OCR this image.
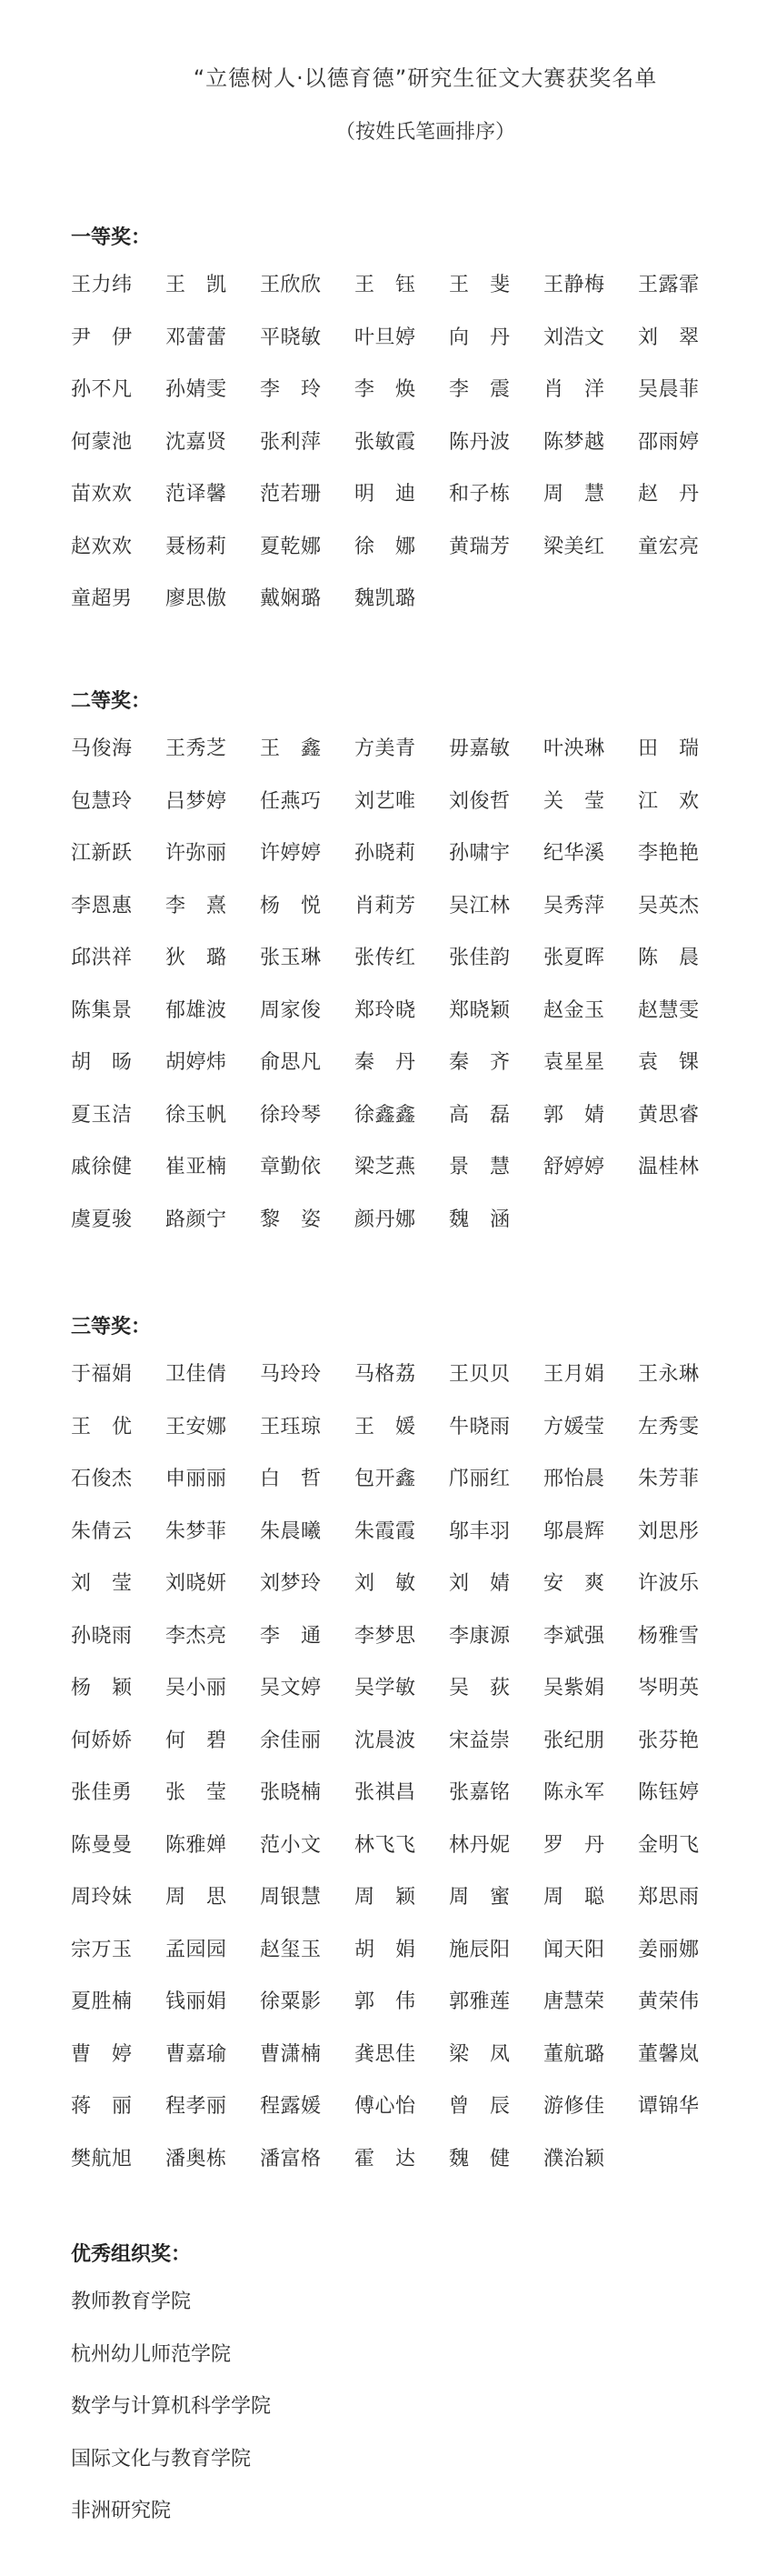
“立德树人·以德育德”研究生征文大赛获奖名单
（按姓氏笔画排序）
一等奖：
王力纬	王　凯	王欣欣	王　钰	王　斐	王静梅	王露霏
尹　伊	邓蕾蕾	平晓敏	叶旦婷	向　丹	刘浩文	刘　翠
孙不凡	孙婧雯	李　玲	李　焕	李　震	肖　洋	吴晨菲
何蒙池	沈嘉贤	张利萍	张敏霞	陈丹波	陈梦越	邵雨婷
苗欢欢	范译馨	范若珊	明　迪	和子栋	周　慧	赵　丹
赵欢欢	聂杨莉	夏乾娜	徐　娜	黄瑞芳	梁美红	童宏亮
童超男	廖思傲	戴娴璐	魏凯璐
二等奖：
马俊海	王秀芝	王　鑫	方美青	毋嘉敏	叶泱琳	田　瑞
包慧玲	吕梦婷	任燕巧	刘艺唯	刘俊哲	关　莹	江　欢
江新跃	许弥丽	许婷婷	孙晓莉	孙啸宇	纪华溪	李艳艳
李恩惠	李　熹	杨　悦	肖莉芳	吴江林	吴秀萍	吴英杰
邱洪祥	狄　璐	张玉琳	张传红	张佳韵	张夏晖	陈　晨
陈集景	郁雄波	周家俊	郑玲晓	郑晓颖	赵金玉	赵慧雯
胡　旸	胡婷炜	俞思凡	秦　丹	秦　齐	袁星星	袁　锞
夏玉洁	徐玉帆	徐玲琴	徐鑫鑫	高　磊	郭　婧	黄思睿
戚徐健	崔亚楠	章勤依	梁芝燕	景　慧	舒婷婷	温桂林
虞夏骏	路颜宁	黎　姿	颜丹娜	魏　涵
三等奖：
于福娟	卫佳倩	马玲玲	马格荔	王贝贝	王月娟	王永琳
王　优	王安娜	王珏琼	王　媛	牛晓雨	方媛莹	左秀雯
石俊杰	申丽丽	白　哲	包开鑫	邝丽红	邢怡晨	朱芳菲
朱倩云	朱梦菲	朱晨曦	朱霞霞	邬丰羽	邬晨辉	刘思彤
刘　莹	刘晓妍	刘梦玲	刘　敏	刘　婧	安　爽	许波乐
孙晓雨	李杰亮	李　通	李梦思	李康源	李斌强	杨雅雪
杨　颖	吴小丽	吴文婷	吴学敏	吴　荻	吴紫娟	岑明英
何娇娇	何　碧	余佳丽	沈晨波	宋益崇	张纪朋	张芬艳
张佳勇	张　莹	张晓楠	张祺昌	张嘉铭	陈永军	陈钰婷
陈曼曼	陈雅婵	范小文	林飞飞	林丹妮	罗　丹	金明飞
周玲妹	周　思	周银慧	周　颖	周　蜜	周　聪	郑思雨
宗万玉	孟园园	赵玺玉	胡　娟	施辰阳	闻天阳	姜丽娜
夏胜楠	钱丽娟	徐粟影	郭　伟	郭雅莲	唐慧荣	黄荣伟
曹　婷	曹嘉瑜	曹潇楠	龚思佳	梁　凤	董航璐	董馨岚
蒋　丽	程孝丽	程露媛	傅心怡	曾　辰	游修佳	谭锦华
樊航旭	潘奥栋	潘富格	霍　达	魏　健	濮治颖
优秀组织奖：
教师教育学院
杭州幼儿师范学院
数学与计算机科学学院
国际文化与教育学院
非洲研究院
